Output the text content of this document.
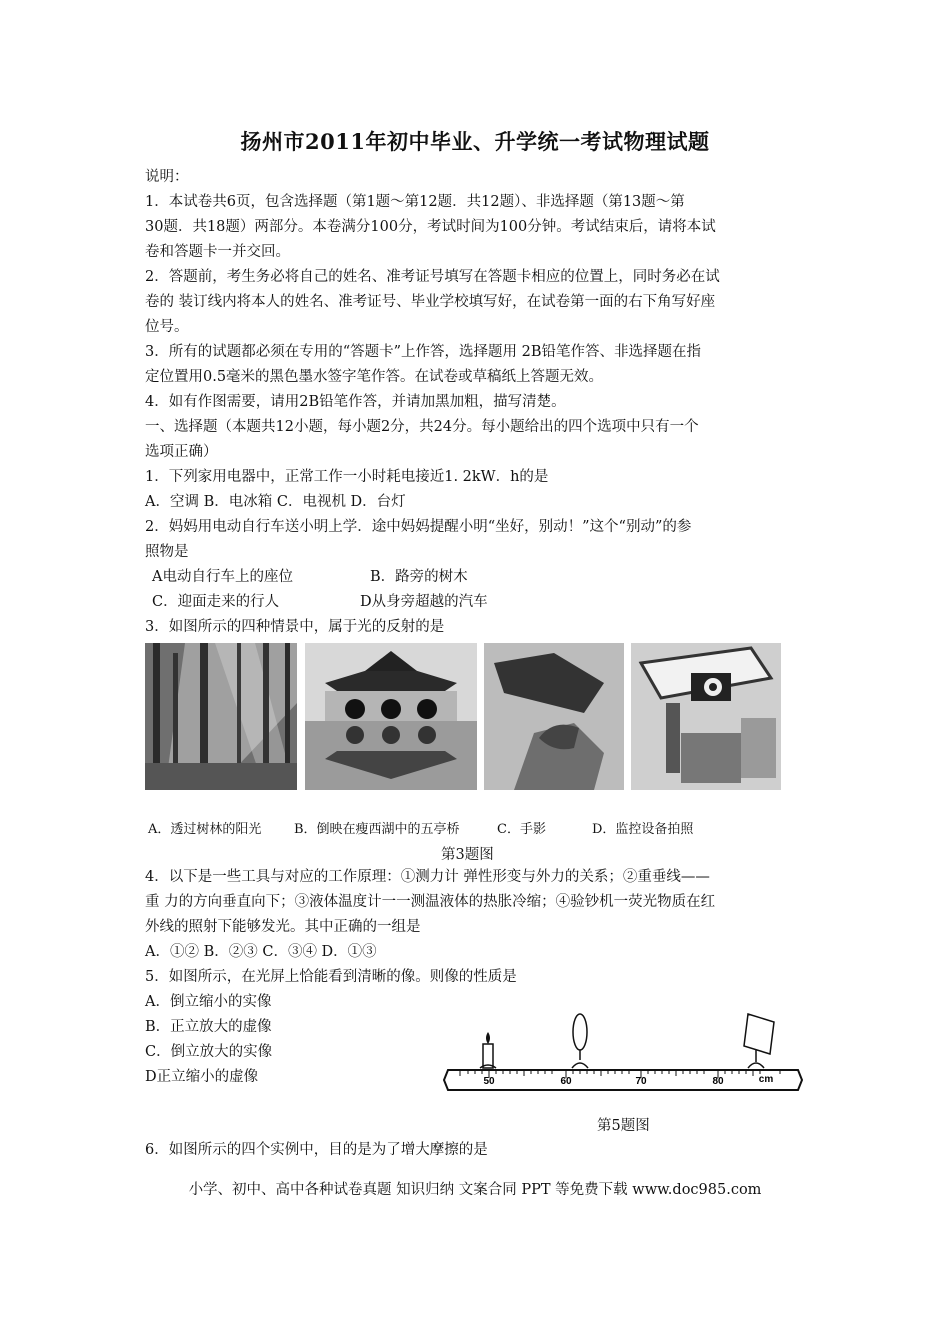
扬州市2011年初中毕业、升学统一考试物理试题
说明：
1．本试卷共6页，包含选择题（第1题～第12题．共12题）、非选择题（第13题～第
30题．共18题）两部分。本卷满分100分，考试时间为100分钟。考试结束后，请将本试
卷和答题卡一并交回。
2．答题前，考生务必将自己的姓名、准考证号填写在答题卡相应的位置上，同时务必在试
卷的 装订线内将本人的姓名、准考证号、毕业学校填写好，在试卷第一面的右下角写好座
位号。
3．所有的试题都必须在专用的“答题卡”上作答，选择题用 2B铅笔作答、非选择题在指
定位置用0.5毫米的黑色墨水签字笔作答。在试卷或草稿纸上答题无效。
4．如有作图需要，请用2B铅笔作答，并请加黑加粗，描写清楚。
一、选择题（本题共12小题，每小题2分，共24分。每小题给出的四个选项中只有一个
选项正确）
1．下列家用电器中，正常工作一小时耗电接近1. 2kW．h的是
A．空调 B．电冰箱 C．电视机 D．台灯
2．妈妈用电动自行车送小明上学．途中妈妈提醒小明“坐好，别动！”这个“别动”的参
照物是
A电动自行车上的座位	B．路旁的树木
C．迎面走来的行人	D从身旁超越的汽车
3．如图所示的四种情景中，属于光的反射的是
A．透过树林的阳光	B．倒映在瘦西湖中的五亭桥	C．手影	D．监控设备拍照
第3题图
4．以下是一些工具与对应的工作原理：①测力计 弹性形变与外力的关系；②重垂线——
重 力的方向垂直向下；③液体温度计一一测温液体的热胀冷缩；④验钞机一荧光物质在红
外线的照射下能够发光。其中正确的一组是
A．①② B．②③ C．③④ D．①③
5．如图所示，在光屏上恰能看到清晰的像。则像的性质是
A．倒立缩小的实像
B．正立放大的虚像
C．倒立放大的实像
D正立缩小的虚像	50	60	70	80	cm
第5题图
6．如图所示的四个实例中，目的是为了增大摩擦的是
小学、初中、高中各种试卷真题 知识归纳 文案合同 PPT 等免费下载 www.doc985.com
